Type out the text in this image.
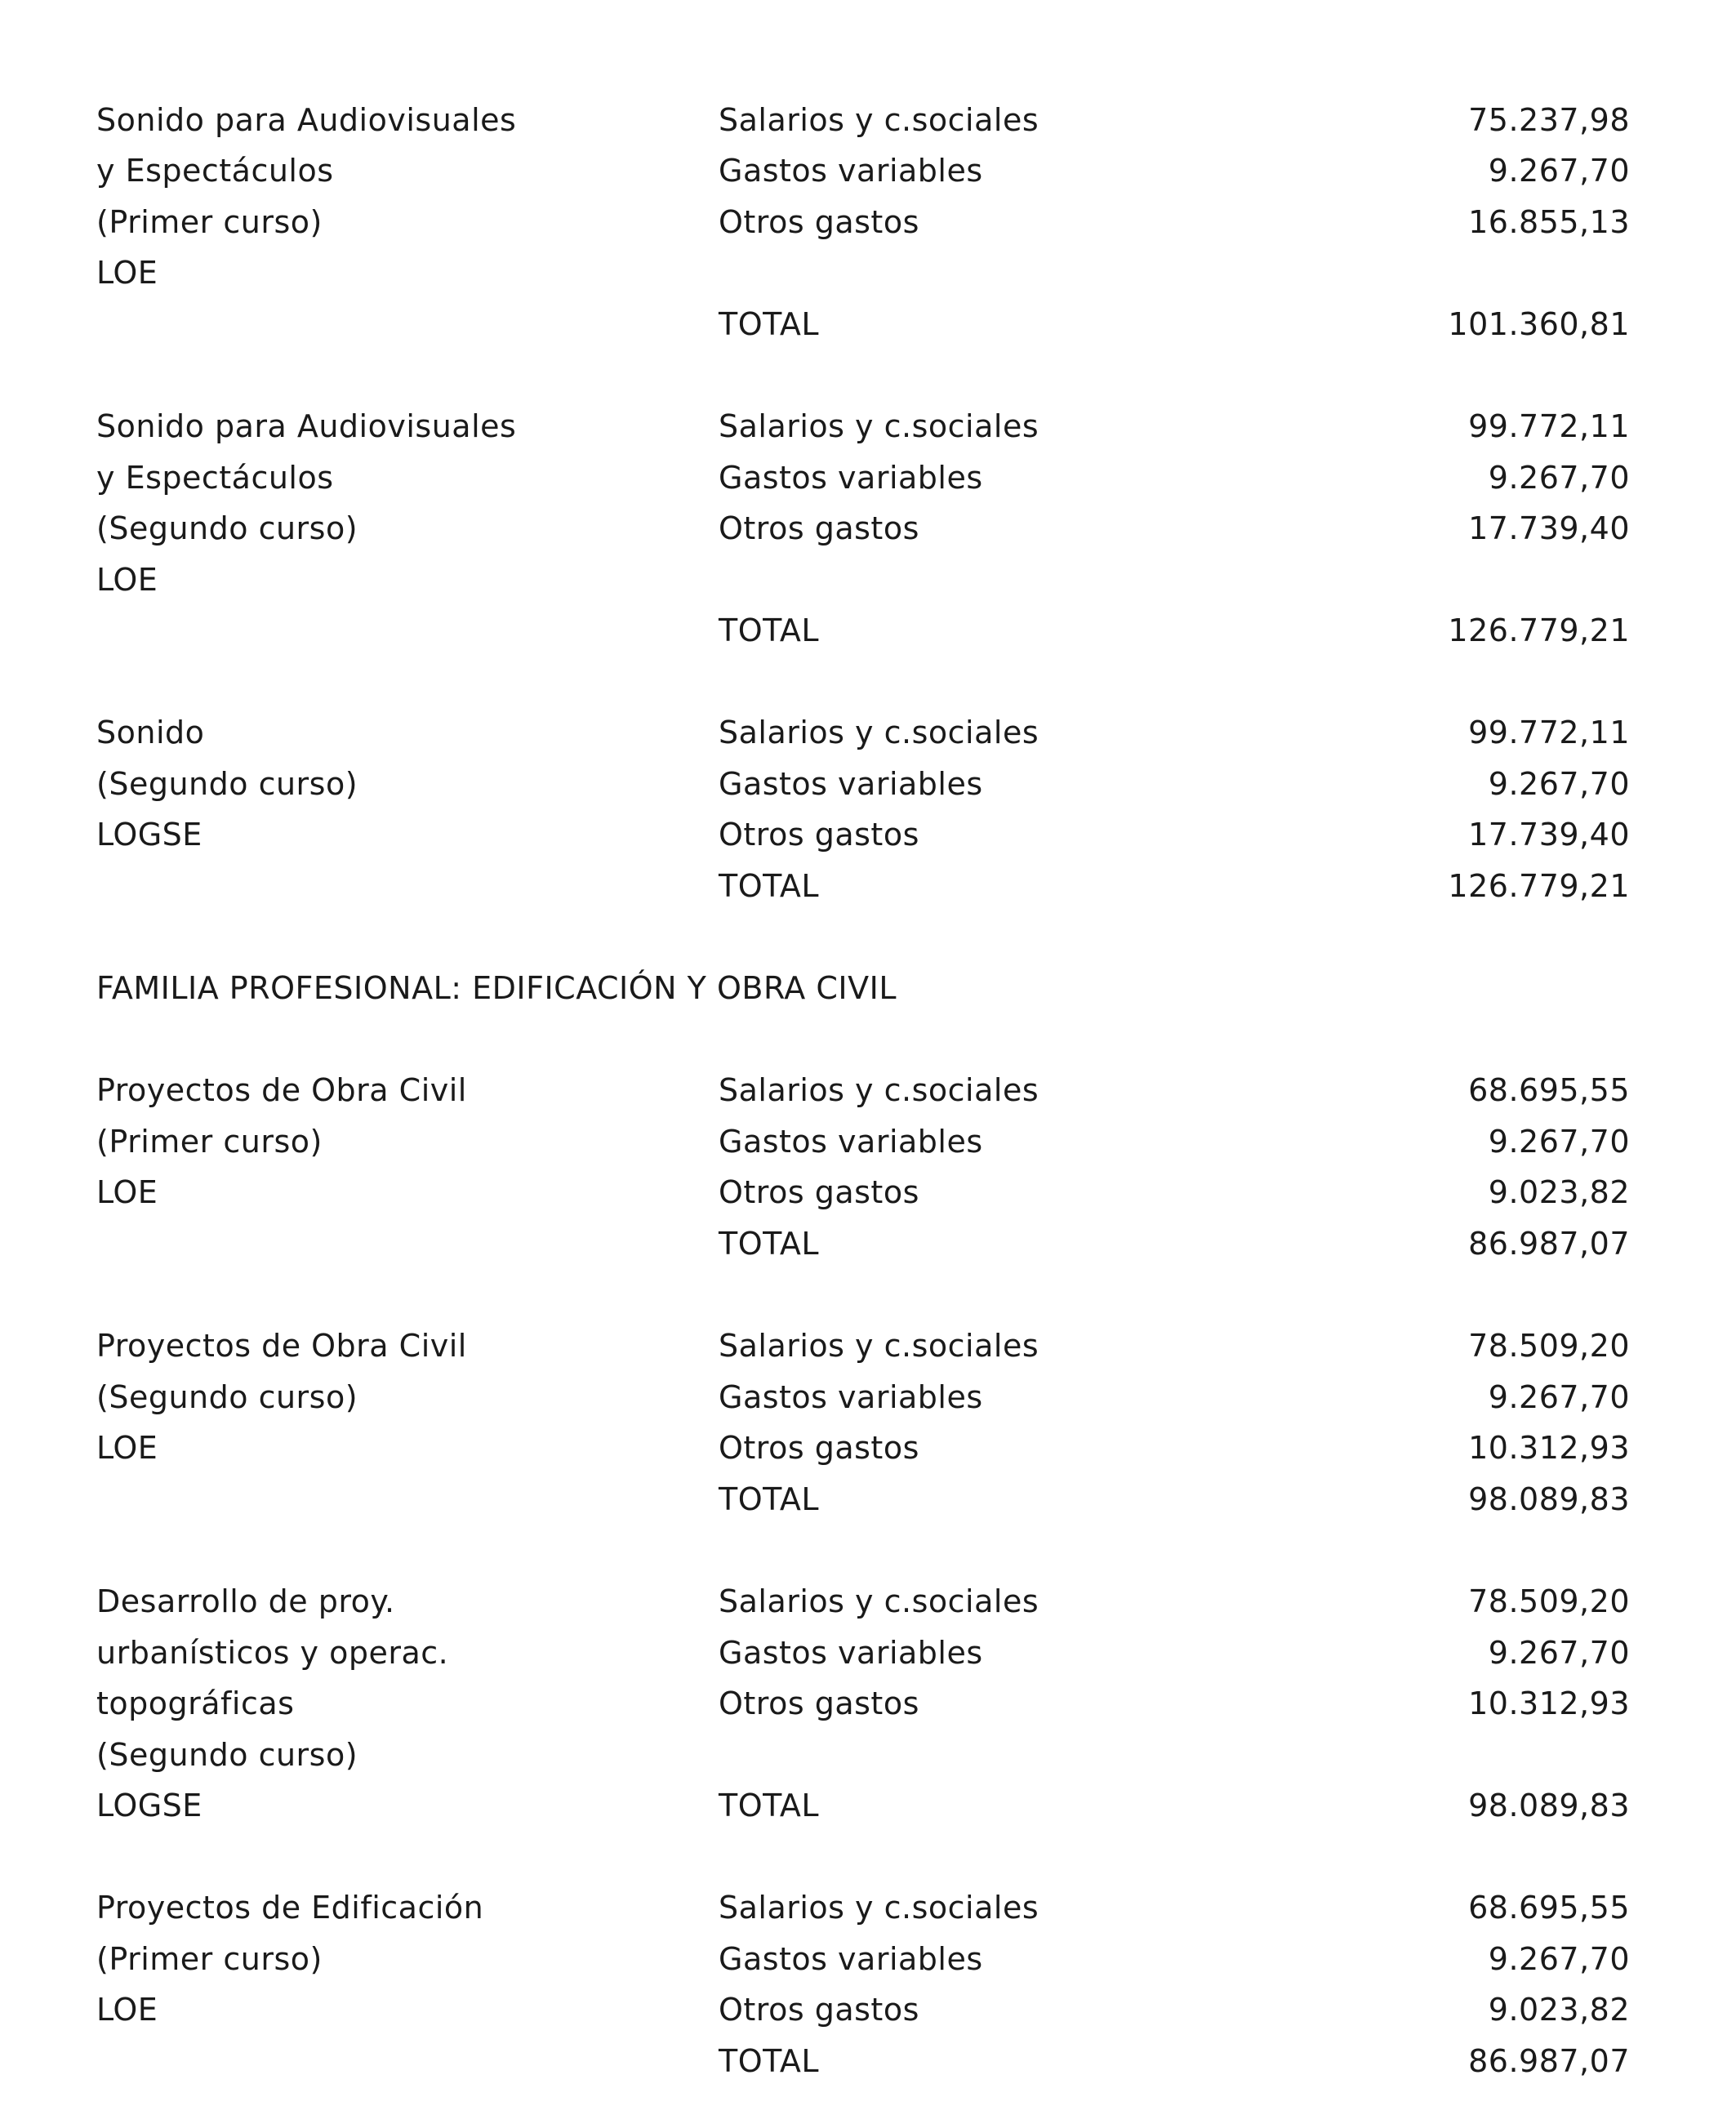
Sonido para Audiovisuales
y Espectáculos
(Primer curso)
LOE
Salarios y c.sociales
Gastos variables
Otros gastos
TOTAL
75.237,98
9.267,70
16.855,13
101.360,81
Sonido para Audiovisuales
y Espectáculos
(Segundo curso)
LOE
Salarios y c.sociales
Gastos variables
Otros gastos
TOTAL
99.772,11
9.267,70
17.739,40
126.779,21
Sonido
(Segundo curso)
LOGSE
Salarios y c.sociales
Gastos variables
Otros gastos
TOTAL
99.772,11
9.267,70
17.739,40
126.779,21
FAMILIA PROFESIONAL: EDIFICACIÓN Y OBRA CIVIL
Proyectos de Obra Civil
(Primer curso)
LOE
Salarios y c.sociales
Gastos variables
Otros gastos
TOTAL
68.695,55
9.267,70
9.023,82
86.987,07
Proyectos de Obra Civil
(Segundo curso)
LOE
Salarios y c.sociales
Gastos variables
Otros gastos
TOTAL
78.509,20
9.267,70
10.312,93
98.089,83
Desarrollo de proy.
urbanísticos y operac.
topográficas
(Segundo curso)
LOGSE
Salarios y c.sociales
Gastos variables
Otros gastos
TOTAL
78.509,20
9.267,70
10.312,93
98.089,83
Proyectos de Edificación
(Primer curso)
LOE
Salarios y c.sociales
Gastos variables
Otros gastos
TOTAL
68.695,55
9.267,70
9.023,82
86.987,07
